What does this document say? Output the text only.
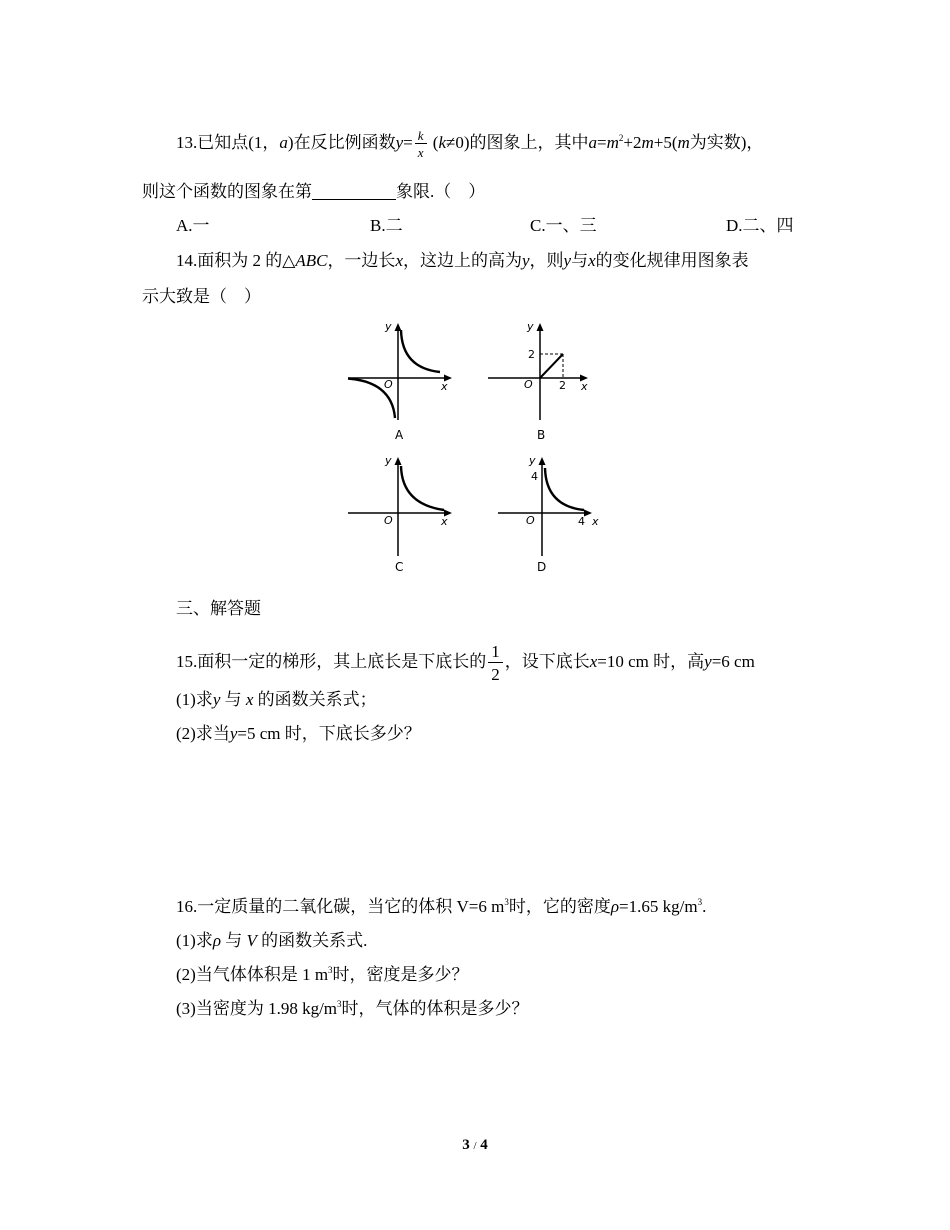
13.已知点(1，a)在反比例函数$y= \frac{k}{x} (k\ne 0)$的图象上，其中$a=m^2+2m+5(m$为实数)，
则这个函数的图象在第	象限.（　）
A.一	B.二	C.一、三	D.二、四
14.面积为 2 的△ABC，一边长x，这边上的高为y，则y与x的变化规律用图象表
示大致是（　）
y
x
O
A
2
2
y
x
O
B
y
x
O
C
4
4
y
x
O
D
三、解答题
15.面积一定的梯形，其上底长是下底长的 $\frac{1}{2}$ ，设下底长x=10 cm 时，高y=6 cm
(1)求y 与 x 的函数关系式；
(2)求当y=5 cm 时，下底长多少？
16.一定质量的二氧化碳，当它的体积 V=6 $m^3$时，它的密度ρ=1.65 $kg/m^3$.
(1)求ρ 与 V 的函数关系式.
(2)当气体体积是 1 $m^3$时，密度是多少？
(3)当密度为 1.98 $kg/m^3$时，气体的体积是多少？
3 / 4
